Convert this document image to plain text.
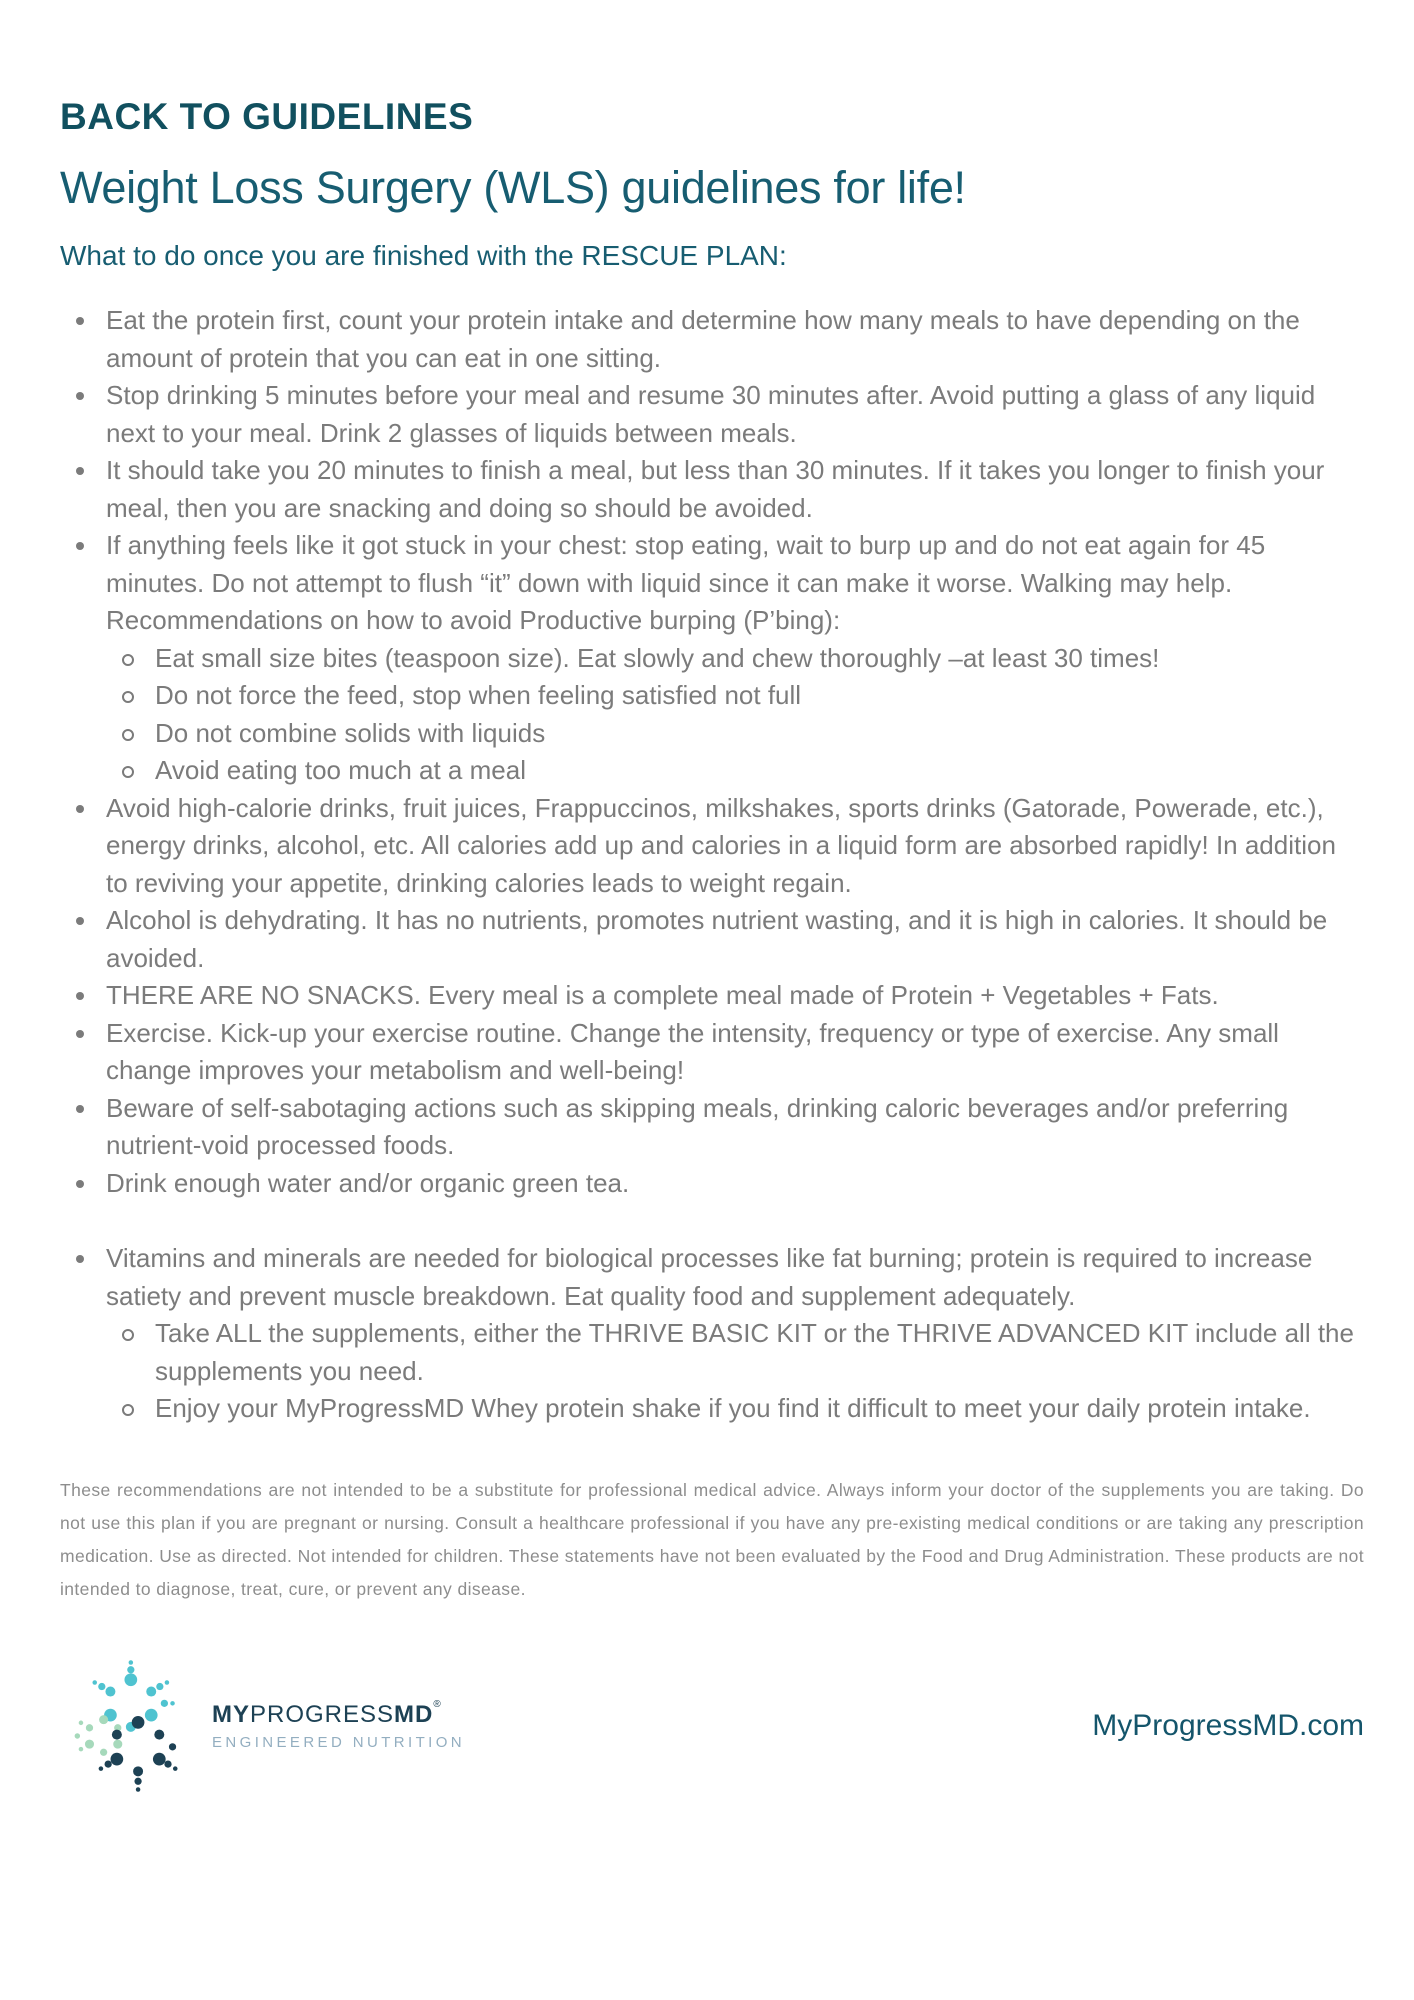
BACK TO GUIDELINES
Weight Loss Surgery (WLS) guidelines for life!
What to do once you are finished with the RESCUE PLAN:
Eat the protein first, count your protein intake and determine how many meals to have depending on the amount of protein that you can eat in one sitting.
Stop drinking 5 minutes before your meal and resume 30 minutes after. Avoid putting a glass of any liquid next to your meal. Drink 2 glasses of liquids between meals.
It should take you 20 minutes to finish a meal, but less than 30 minutes. If it takes you longer to finish your meal, then you are snacking and doing so should be avoided.
If anything feels like it got stuck in your chest: stop eating, wait to burp up and do not eat again for 45 minutes. Do not attempt to flush “it” down with liquid since it can make it worse. Walking may help. Recommendations on how to avoid Productive burping (P’bing):
Eat small size bites (teaspoon size). Eat slowly and chew thoroughly –at least 30 times!
Do not force the feed, stop when feeling satisfied not full
Do not combine solids with liquids
Avoid eating too much at a meal
Avoid high-calorie drinks, fruit juices, Frappuccinos, milkshakes, sports drinks (Gatorade, Powerade, etc.), energy drinks, alcohol, etc. All calories add up and calories in a liquid form are absorbed rapidly! In addition to reviving your appetite, drinking calories leads to weight regain.
Alcohol is dehydrating. It has no nutrients, promotes nutrient wasting, and it is high in calories. It should be avoided.
THERE ARE NO SNACKS. Every meal is a complete meal made of Protein + Vegetables + Fats.
Exercise. Kick-up your exercise routine. Change the intensity, frequency or type of exercise. Any small change improves your metabolism and well-being!
Beware of self-sabotaging actions such as skipping meals, drinking caloric beverages and/or preferring nutrient-void processed foods.
Drink enough water and/or organic green tea.
Vitamins and minerals are needed for biological processes like fat burning; protein is required to increase satiety and prevent muscle breakdown. Eat quality food and supplement adequately.
Take ALL the supplements, either the THRIVE BASIC KIT or the THRIVE ADVANCED KIT include all the supplements you need.
Enjoy your MyProgressMD Whey protein shake if you find it difficult to meet your daily protein intake.

These recommendations are not intended to be a substitute for professional medical advice. Always inform your doctor of the supplements you are taking. Do not use this plan if you are pregnant or nursing. Consult a healthcare professional if you have any pre-existing medical conditions or are taking any prescription medication. Use as directed. Not intended for children. These statements have not been evaluated by the Food and Drug Administration. These products are not intended to diagnose, treat, cure, or prevent any disease.

MYPROGRESSMD®
ENGINEERED NUTRITION
MyProgressMD.com
